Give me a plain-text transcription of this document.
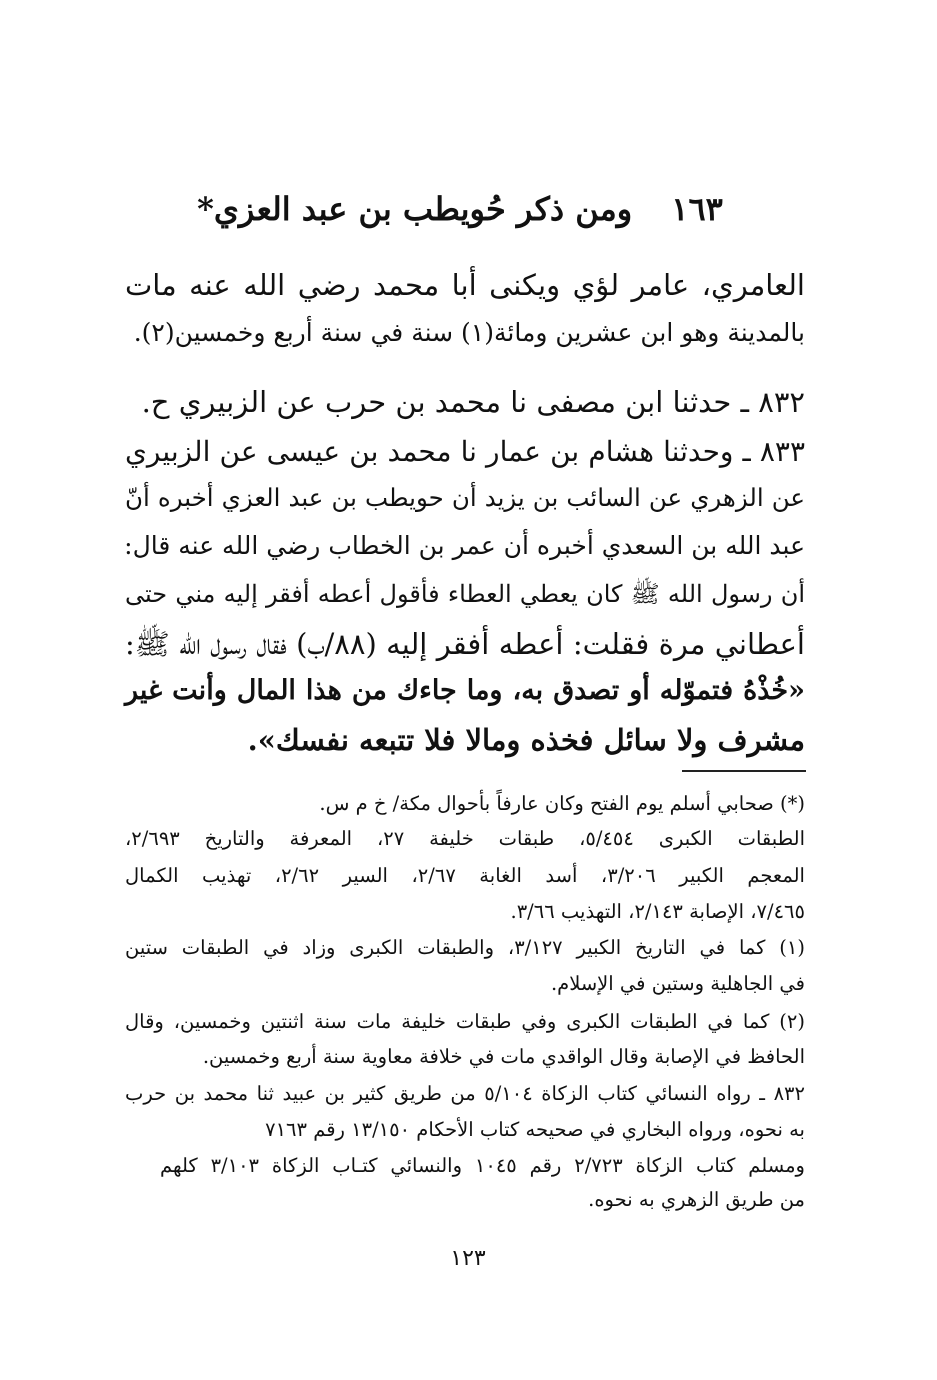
١٦٣ ومن ذكر حُويطب بن عبد العزي*
العامري، عامر لؤي ويكنى أبا محمد رضي الله عنه مات
بالمدينة وهو ابن عشرين ومائة(١) سنة في سنة أربع وخمسين(٢).
٨٣٢ ـ حدثنا ابن مصفى نا محمد بن حرب عن الزبيري ح.
٨٣٣ ـ وحدثنا هشام بن عمار نا محمد بن عيسى عن الزبيري
عن الزهري عن السائب بن يزيد أن حويطب بن عبد العزي أخبره أنّ
عبد الله بن السعدي أخبره أن عمر بن الخطاب رضي الله عنه قال:
أن رسول الله ﷺ كان يعطي العطاء فأقول أعطه أفقر إليه مني حتى
أعطاني مرة فقلت: أعطه أفقر إليه (٨٨/ب) فقال رسول الله ﷺ:
«خُذْهُ فتموّله أو تصدق به، وما جاءك من هذا المال وأنت غير
مشرف ولا سائل فخذه ومالا فلا تتبعه نفسك».
(*) صحابي أسلم يوم الفتح وكان عارفاً بأحوال مكة/ خ م س.
الطبقات الكبرى ٥/٤٥٤، طبقات خليفة ٢٧، المعرفة والتاريخ ٢/٦٩٣،
المعجم الكبير ٣/٢٠٦، أسد الغابة ٢/٦٧، السير ٢/٦٢، تهذيب الكمال
٧/٤٦٥، الإصابة ٢/١٤٣، التهذيب ٣/٦٦.
(١) كما في التاريخ الكبير ٣/١٢٧، والطبقات الكبرى وزاد في الطبقات ستين
في الجاهلية وستين في الإسلام.
(٢) كما في الطبقات الكبرى وفي طبقات خليفة مات سنة اثنتين وخمسين، وقال
الحافظ في الإصابة وقال الواقدي مات في خلافة معاوية سنة أربع وخمسين.
٨٣٢ ـ رواه النسائي كتاب الزكاة ٥/١٠٤ من طريق كثير بن عبيد ثنا محمد بن حرب
به نحوه، ورواه البخاري في صحيحه كتاب الأحكام ١٣/١٥٠ رقم ٧١٦٣
ومسلم كتاب الزكاة ٢/٧٢٣ رقم ١٠٤٥ والنسائي كتـاب الزكاة ٣/١٠٣ كلهم
من طريق الزهري به نحوه.
١٢٣
